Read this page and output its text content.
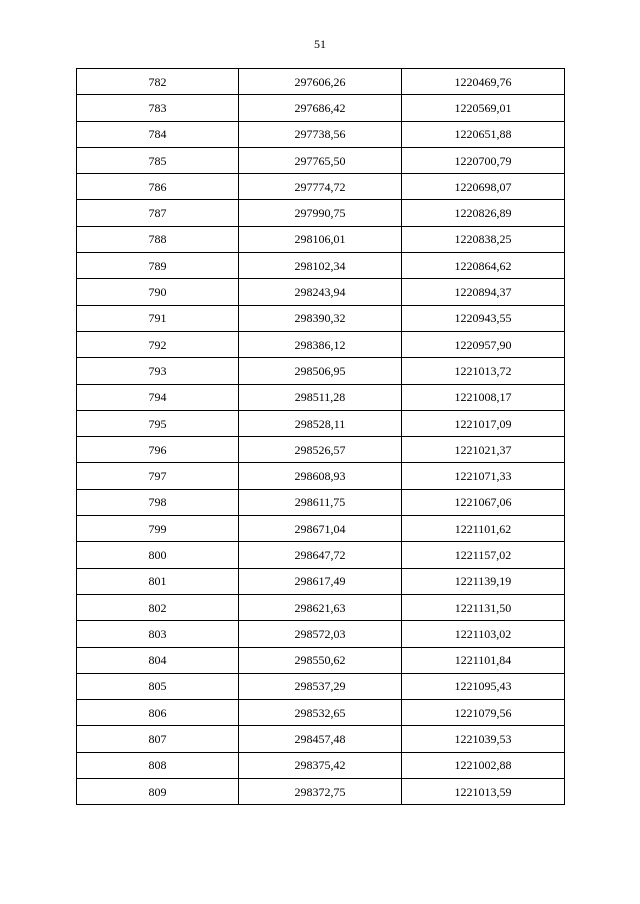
51
782	297606,26	1220469,76
783	297686,42	1220569,01
784	297738,56	1220651,88
785	297765,50	1220700,79
786	297774,72	1220698,07
787	297990,75	1220826,89
788	298106,01	1220838,25
789	298102,34	1220864,62
790	298243,94	1220894,37
791	298390,32	1220943,55
792	298386,12	1220957,90
793	298506,95	1221013,72
794	298511,28	1221008,17
795	298528,11	1221017,09
796	298526,57	1221021,37
797	298608,93	1221071,33
798	298611,75	1221067,06
799	298671,04	1221101,62
800	298647,72	1221157,02
801	298617,49	1221139,19
802	298621,63	1221131,50
803	298572,03	1221103,02
804	298550,62	1221101,84
805	298537,29	1221095,43
806	298532,65	1221079,56
807	298457,48	1221039,53
808	298375,42	1221002,88
809	298372,75	1221013,59
